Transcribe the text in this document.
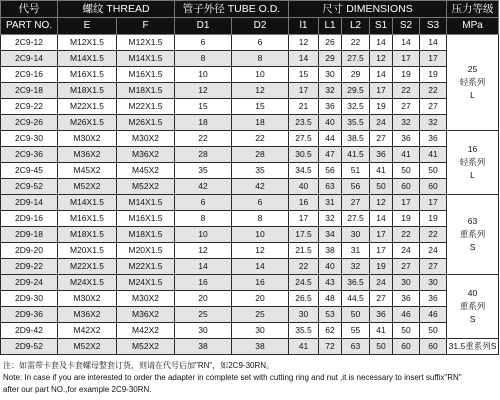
代号	螺纹 THREAD		管子外径 TUBE O.D.		尺寸 DIMENSIONS						压力等级
PART NO.	E	F	D1	D2	l1	L1	L2	S1	S2	S3	MPa
2C9-12	M12X1.5	M12X1.5	6	6	12	26	22	14	14	14	25
轻系列
L

2C9-14	M14X1.5	M14X1.5	8	8	14	29	27.5	12	17	17	
2C9-16	M16X1.5	M16X1.5	10	10	15	30	29	14	19	19	
2C9-18	M18X1.5	M18X1.5	12	12	17	32	29.5	17	22	22	
2C9-22	M22X1.5	M22X1.5	15	15	21	36	32.5	19	27	27	
2C9-26	M26X1.5	M26X1.5	18	18	23.5	40	35.5	24	32	32	
2C9-30	M30X2	M30X2	22	22	27.5	44	38.5	27	36	36	16
轻系列
L

2C9-36	M36X2	M36X2	28	28	30.5	47	41.5	36	41	41	
2C9-45	M45X2	M45X2	35	35	34.5	56	51	41	50	50	
2C9-52	M52X2	M52X2	42	42	40	63	56	50	60	60	
2D9-14	M14X1.5	M14X1.5	6	6	16	31	27	12	17	17	63
重系列
S

2D9-16	M16X1.5	M16X1.5	8	8	17	32	27.5	14	19	19	
2D9-18	M18X1.5	M18X1.5	10	10	17.5	34	30	17	22	22	
2D9-20	M20X1.5	M20X1.5	12	12	21.5	38	31	17	24	24	
2D9-22	M22X1.5	M22X1.5	14	14	22	40	32	19	27	27	
2D9-24	M24X1.5	M24X1.5	16	16	24.5	43	36.5	24	30	30	40
重系列
S

2D9-30	M30X2	M30X2	20	20	26.5	48	44.5	27	36	36	
2D9-36	M36X2	M36X2	25	25	30	53	50	36	46	46	
2D9-42	M42X2	M42X2	30	30	35.5	62	55	41	50	50	
2D9-52	M52X2	M52X2	38	38	41	72	63	50	60	60	31.5重系列S
注：如需带卡套及卡套螺母整套订货，则请在代号后加"RN"，如2C9-30RN。
Note: In case if you are interested to order the adapter in complete set with cutting ring and nut ,it is necessary to insert suffix"RN"
after our part NO.,for example 2C9-30RN.
